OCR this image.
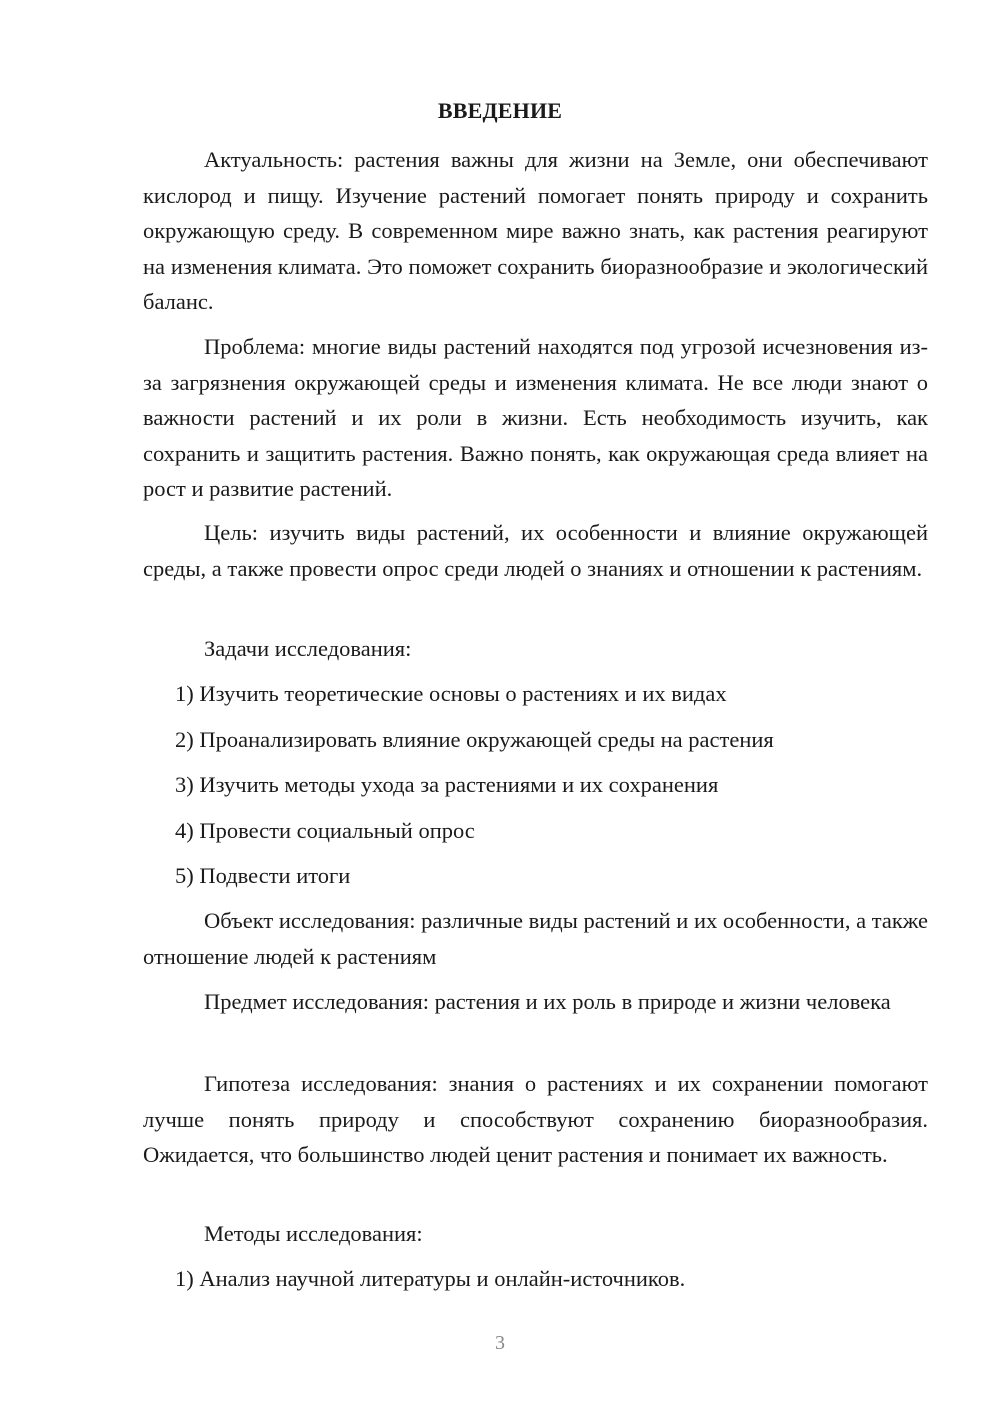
ВВЕДЕНИЕ

Актуальность: растения важны для жизни на Земле, они обеспечивают кислород и пищу. Изучение растений помогает понять природу и сохранить окружающую среду. В современном мире важно знать, как растения реагируют на изменения климата. Это поможет сохранить биоразнообразие и экологический баланс.

Проблема: многие виды растений находятся под угрозой исчезновения из-за загрязнения окружающей среды и изменения климата. Не все люди знают о важности растений и их роли в жизни. Есть необходимость изучить, как сохранить и защитить растения. Важно понять, как окружающая среда влияет на рост и развитие растений.

Цель: изучить виды растений, их особенности и влияние окружающей среды, а также провести опрос среди людей о знаниях и отношении к растениям.

Задачи исследования:

1) Изучить теоретические основы о растениях и их видах

2) Проанализировать влияние окружающей среды на растения

3) Изучить методы ухода за растениями и их сохранения

4) Провести социальный опрос

5) Подвести итоги

Объект исследования: различные виды растений и их особенности, а также отношение людей к растениям

Предмет исследования: растения и их роль в природе и жизни человека

Гипотеза исследования: знания о растениях и их сохранении помогают лучше понять природу и способствуют сохранению биоразнообразия. Ожидается, что большинство людей ценит растения и понимает их важность.

Методы исследования:

1) Анализ научной литературы и онлайн-источников.

3
